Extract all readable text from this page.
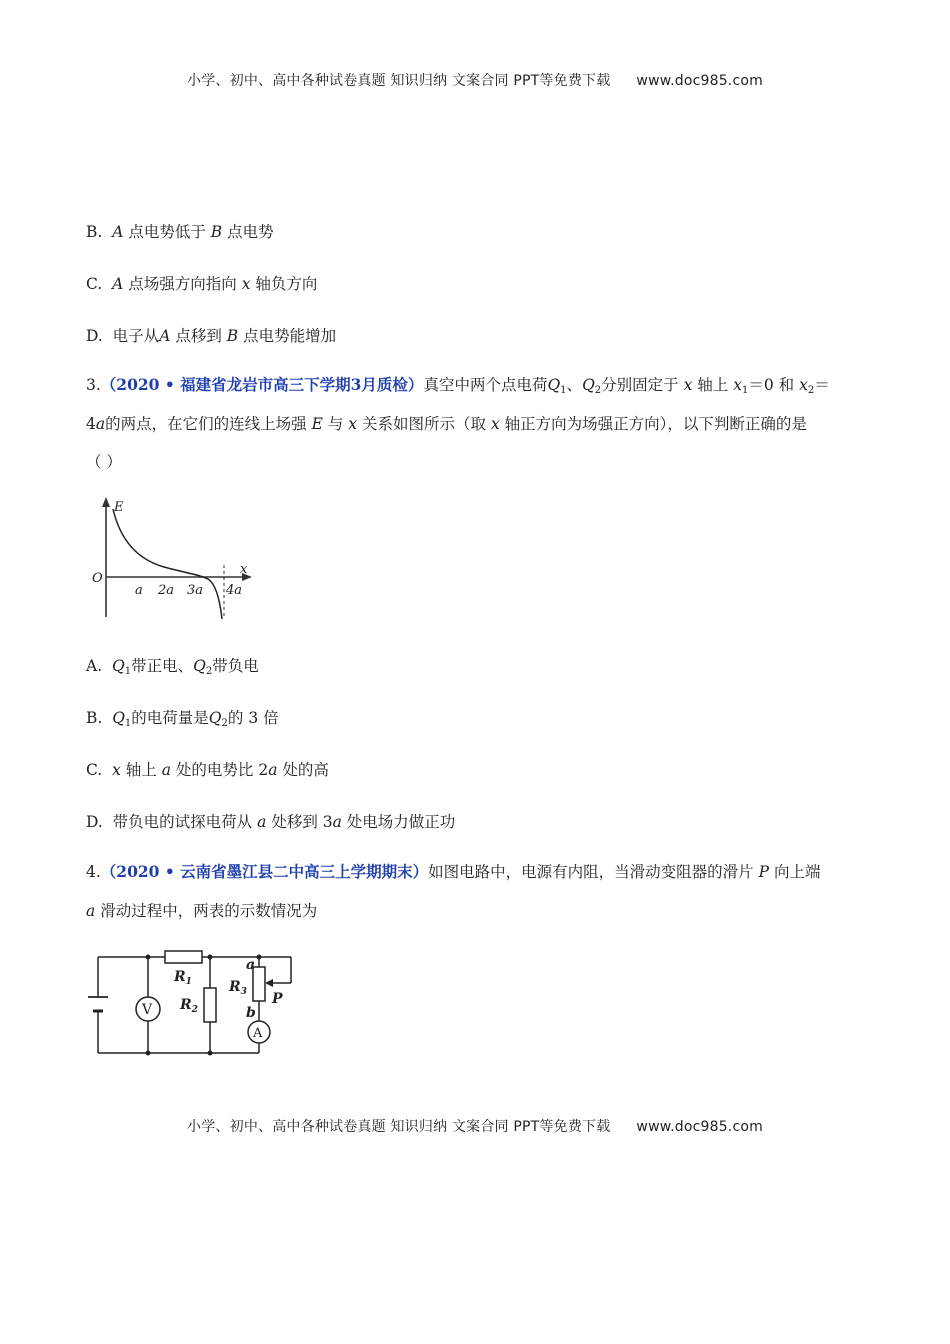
小学、初中、高中各种试卷真题 知识归纳 文案合同 PPT等免费下载 www.doc985.com
B. A 点电势低于 B 点电势
C. A 点场强方向指向 x 轴负方向
D. 电子从A 点移到 B 点电势能增加
3.（2020 • 福建省龙岩市高三下学期3月质检）真空中两个点电荷$Q_1$、$Q_2$分别固定于 x 轴上 $x_1=0$ 和 $x_2=$
4a的两点，在它们的连线上场强 E 与 x 关系如图所示（取 x 轴正方向为场强正方向），以下判断正确的是
（ ）
E
O
x
a 2a 3a 4a
A. $Q_1$带正电、$Q_2$带负电
B. $Q_1$的电荷量是$Q_2$的 3 倍
C. x 轴上 a 处的电势比 2a 处的高
D. 带负电的试探电荷从 a 处移到 3a 处电场力做正功
4.（2020 • 云南省墨江县二中高三上学期期末）如图电路中，电源有内阻，当滑动变阻器的滑片 P 向上端
a 滑动过程中，两表的示数情况为
V
A
$R_1$
$R_2$
$R_3$
a
b
P
小学、初中、高中各种试卷真题 知识归纳 文案合同 PPT等免费下载 www.doc985.com
